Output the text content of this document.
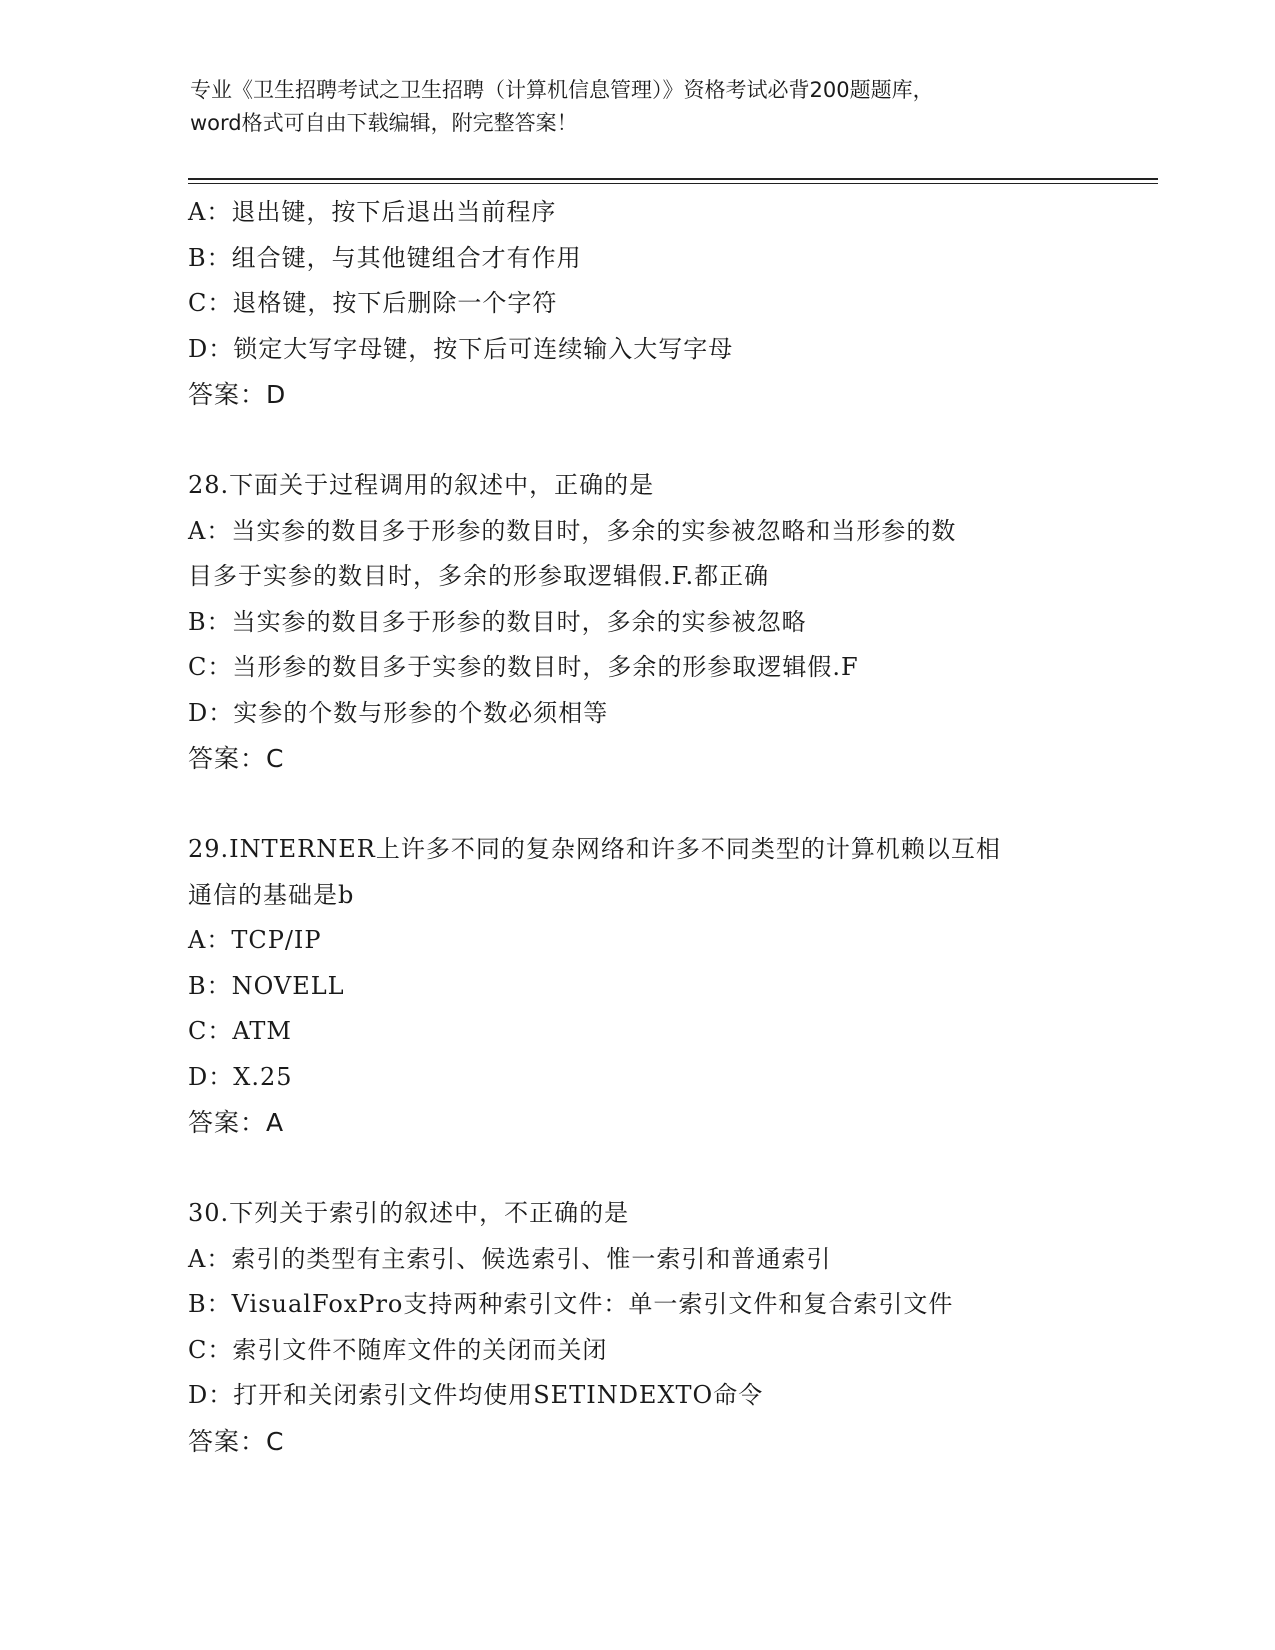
专业《卫生招聘考试之卫生招聘（计算机信息管理）》资格考试必背200题题库，
word格式可自由下载编辑，附完整答案！
A：退出键，按下后退出当前程序
B：组合键，与其他键组合才有作用
C：退格键，按下后删除一个字符
D：锁定大写字母键，按下后可连续输入大写字母
答案：D
28.下面关于过程调用的叙述中，正确的是
A：当实参的数目多于形参的数目时，多余的实参被忽略和当形参的数
目多于实参的数目时，多余的形参取逻辑假.F.都正确
B：当实参的数目多于形参的数目时，多余的实参被忽略
C：当形参的数目多于实参的数目时，多余的形参取逻辑假.F
D：实参的个数与形参的个数必须相等
答案：C
29.INTERNER上许多不同的复杂网络和许多不同类型的计算机赖以互相
通信的基础是b
A：TCP/IP
B：NOVELL
C：ATM
D：X.25
答案：A
30.下列关于索引的叙述中，不正确的是
A：索引的类型有主索引、候选索引、惟一索引和普通索引
B：VisualFoxPro支持两种索引文件：单一索引文件和复合索引文件
C：索引文件不随库文件的关闭而关闭
D：打开和关闭索引文件均使用SETINDEXTO命令
答案：C
